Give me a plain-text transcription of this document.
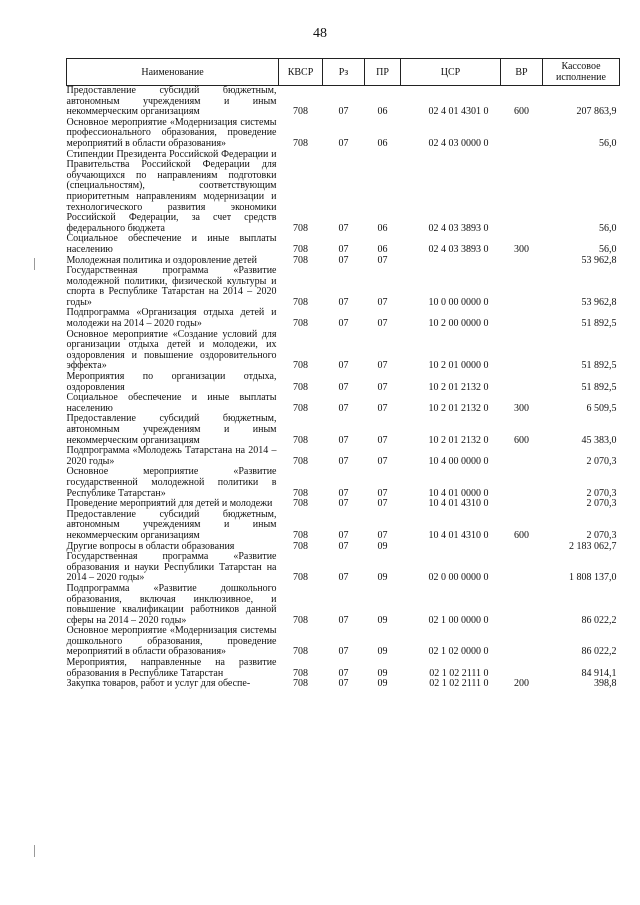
48
Наименование	КВСР	Рз	ПР	ЦСР	ВР	Кассовое исполнение
Предоставление субсидий бюджетным, автономным учреждениям и иным некоммерческим организациям	708	07	06	02 4 01 4301 0	600	207 863,9
Основное мероприятие «Модернизация системы профессионального образования, проведение мероприятий в области образования»	708	07	06	02 4 03 0000 0		56,0
Стипендии Президента Российской Федерации и Правительства Российской Федерации для обучающихся по направлениям подготовки (специальностям), соответствующим приоритетным направлениям модернизации и технологического развития экономики Российской Федерации, за счет средств федерального бюджета	708	07	06	02 4 03 3893 0		56,0
Социальное обеспечение и иные выплаты населению	708	07	06	02 4 03 3893 0	300	56,0
Молодежная политика и оздоровление детей	708	07	07			53 962,8
Государственная программа «Развитие молодежной политики, физической культуры и спорта в Республике Татарстан на 2014 – 2020 годы»	708	07	07	10 0 00 0000 0		53 962,8
Подпрограмма «Организация отдыха детей и молодежи на 2014 – 2020 годы»	708	07	07	10 2 00 0000 0		51 892,5
Основное мероприятие «Создание условий для организации отдыха детей и молодежи, их оздоровления и повышение оздоровительного эффекта»	708	07	07	10 2 01 0000 0		51 892,5
Мероприятия по организации отдыха, оздоровления	708	07	07	10 2 01 2132 0		51 892,5
Социальное обеспечение и иные выплаты населению	708	07	07	10 2 01 2132 0	300	6 509,5
Предоставление субсидий бюджетным, автономным учреждениям и иным некоммерческим организациям	708	07	07	10 2 01 2132 0	600	45 383,0
Подпрограмма «Молодежь Татарстана на 2014 – 2020 годы»	708	07	07	10 4 00 0000 0		2 070,3
Основное мероприятие «Развитие государственной молодежной политики в Республике Татарстан»	708	07	07	10 4 01 0000 0		2 070,3
Проведение мероприятий для детей и молодежи	708	07	07	10 4 01 4310 0		2 070,3
Предоставление субсидий бюджетным, автономным учреждениям и иным некоммерческим организациям	708	07	07	10 4 01 4310 0	600	2 070,3
Другие вопросы в области образования	708	07	09			2 183 062,7
Государственная программа «Развитие образования и науки Республики Татарстан на 2014 – 2020 годы»	708	07	09	02 0 00 0000 0		1 808 137,0
Подпрограмма «Развитие дошкольного образования, включая инклюзивное, и повышение квалификации работников данной сферы на 2014 – 2020 годы»	708	07	09	02 1 00 0000 0		86 022,2
Основное мероприятие «Модернизация системы дошкольного образования, проведение мероприятий в области образования»	708	07	09	02 1 02 0000 0		86 022,2
Мероприятия, направленные на развитие образования в Республике Татарстан	708	07	09	02 1 02 2111 0		84 914,1
Закупка товаров, работ и услуг для обеспе-	708	07	09	02 1 02 2111 0	200	398,8
